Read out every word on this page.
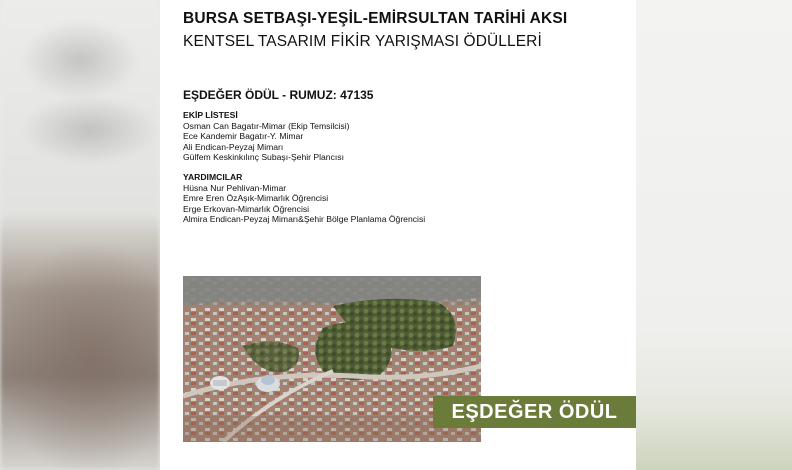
BURSA SETBAŞI-YEŞİL-EMİRSULTAN TARİHİ AKSI
KENTSEL TASARIM FİKİR YARIŞMASI ÖDÜLLERİ
EŞDEĞER ÖDÜL - RUMUZ: 47135
EKİP LİSTESİ
Osman Can Bagatır-Mimar (Ekip Temsilcisi)
Ece Kandemir Bagatır-Y. Mimar
Ali Endican-Peyzaj Mimarı
Gülfem Keskinkılınç Subaşı-Şehir Plancısı
YARDIMCILAR
Hüsna Nur Pehlivan-Mimar
Emre Eren ÖzAşık-Mimarlık Öğrencisi
Erge Erkovan-Mimarlık Öğrencisi
Almira Endican-Peyzaj Mimarı&Şehir Bölge Planlama Öğrencisi
EŞDEĞER ÖDÜL
